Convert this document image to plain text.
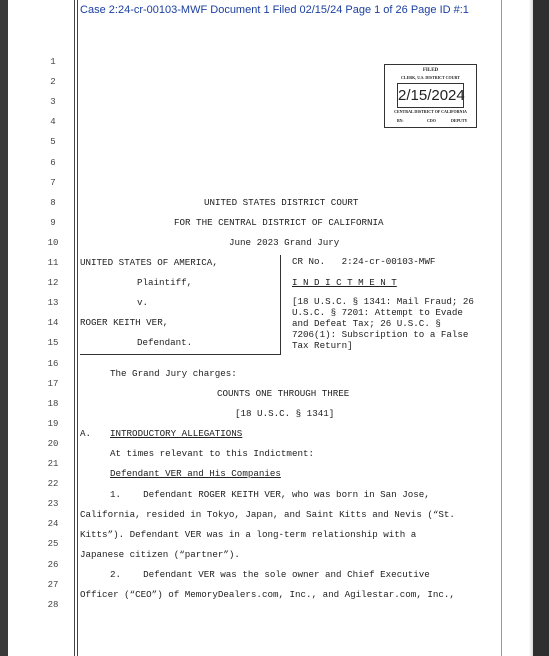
Case 2:24-cr-00103-MWF Document 1 Filed 02/15/24 Page 1 of 26 Page ID #:1
FILED
CLERK, U.S. DISTRICT COURT
2/15/2024
CENTRAL DISTRICT OF CALIFORNIA
BY:	CDO	DEPUTY
1
2
3
4
5
6
7
8
9
10
11
12
13
14
15
16
17
18
19
20
21
22
23
24
25
26
27
28
UNITED STATES DISTRICT COURT
FOR THE CENTRAL DISTRICT OF CALIFORNIA
June 2023 Grand Jury
UNITED STATES OF AMERICA,
Plaintiff,
v.
ROGER KEITH VER,
Defendant.
CR No.   2:24-cr-00103-MWF
I N D I C T M E N T
[18 U.S.C. § 1341: Mail Fraud; 26
U.S.C. § 7201: Attempt to Evade
and Defeat Tax; 26 U.S.C. §
7206(1): Subscription to a False
Tax Return]
The Grand Jury charges:
COUNTS ONE THROUGH THREE
[18 U.S.C. § 1341]
A. INTRODUCTORY ALLEGATIONS
At times relevant to this Indictment:
Defendant VER and His Companies
1.    Defendant ROGER KEITH VER, who was born in San Jose,
California, resided in Tokyo, Japan, and Saint Kitts and Nevis (“St.
Kitts”). Defendant VER was in a long-term relationship with a
Japanese citizen (“partner”).
2.    Defendant VER was the sole owner and Chief Executive
Officer (“CEO”) of MemoryDealers.com, Inc., and Agilestar.com, Inc.,
